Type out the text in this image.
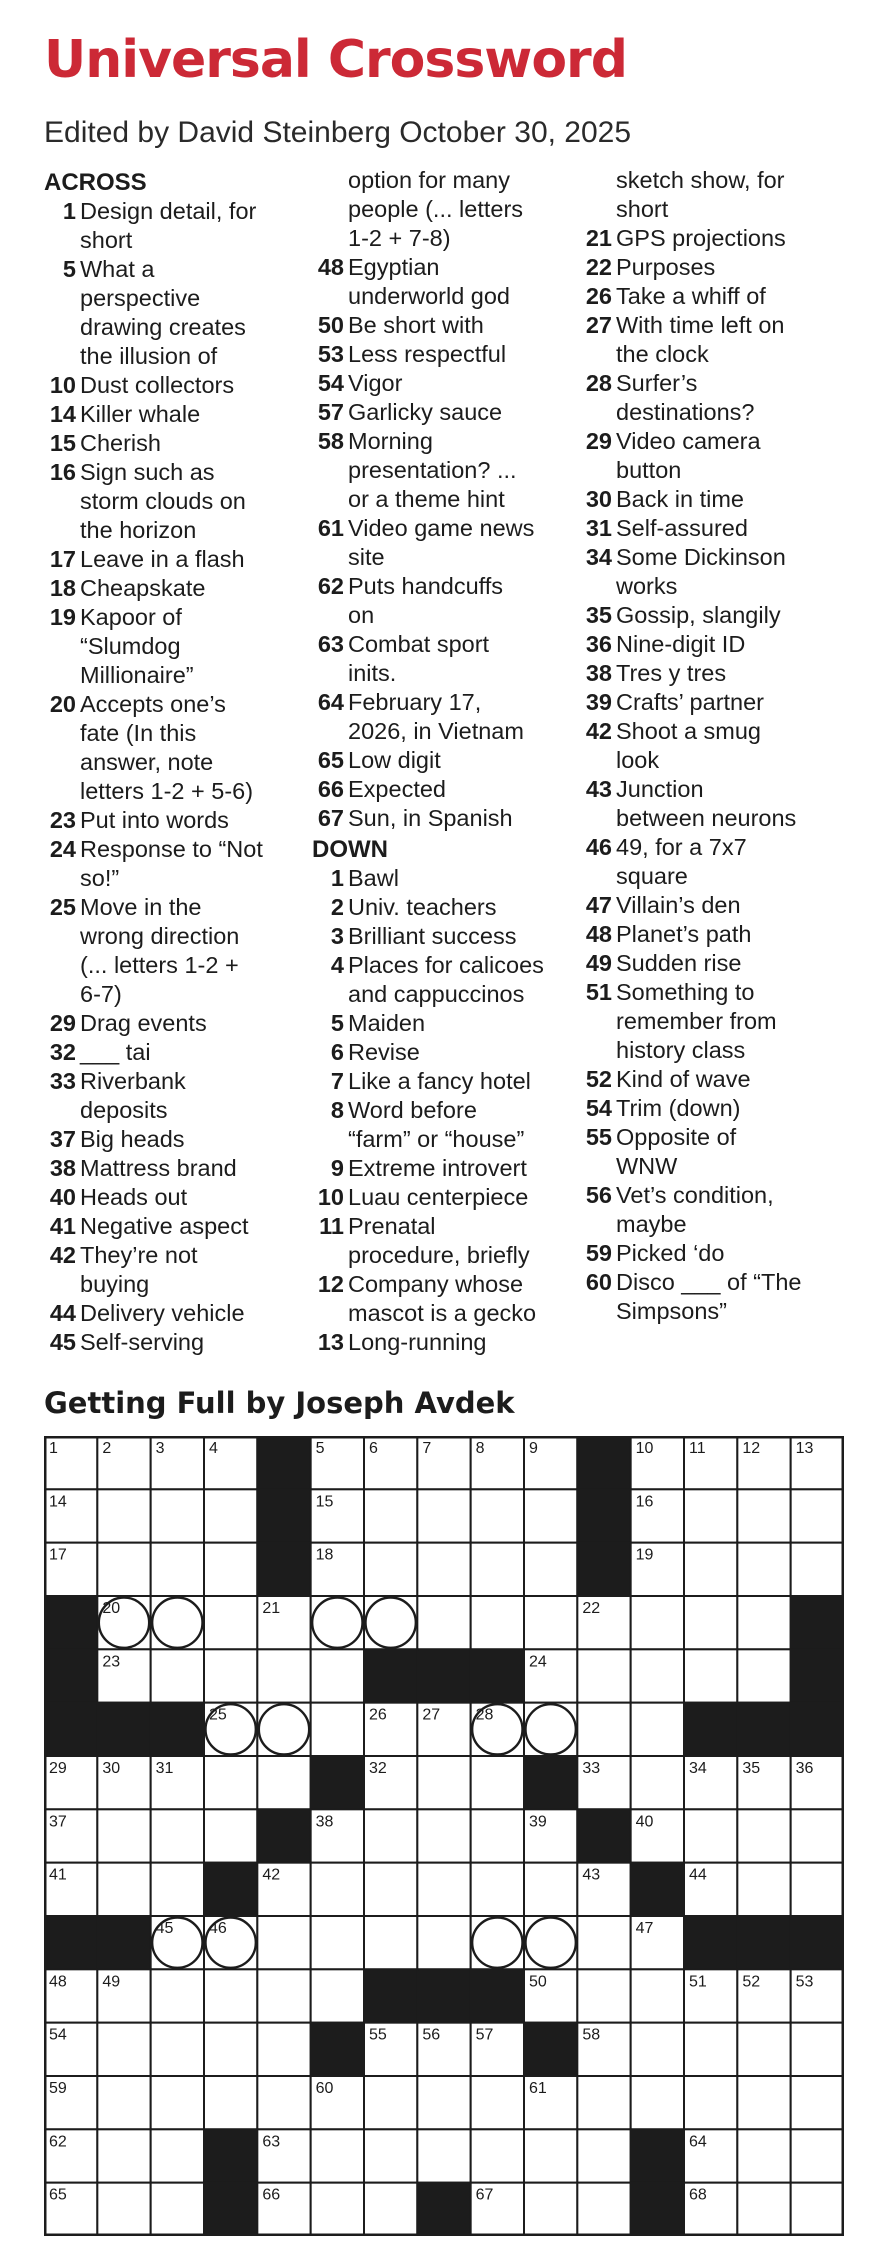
Universal Crossword
Edited by David Steinberg October 30, 2025
ACROSS
1 Design detail, for
short
5 What a
perspective
drawing creates
the illusion of
10 Dust collectors
14 Killer whale
15 Cherish
16 Sign such as
storm clouds on
the horizon
17 Leave in a flash
18 Cheapskate
19 Kapoor of
“Slumdog
Millionaire”
20 Accepts one’s
fate (In this
answer, note
letters 1-2 + 5-6)
23 Put into words
24 Response to “Not
so!”
25 Move in the
wrong direction
(... letters 1-2 +
6-7)
29 Drag events
32 ___ tai
33 Riverbank
deposits
37 Big heads
38 Mattress brand
40 Heads out
41 Negative aspect
42 They’re not
buying
44 Delivery vehicle
45 Self-serving
option for many
people (... letters
1-2 + 7-8)
48 Egyptian
underworld god
50 Be short with
53 Less respectful
54 Vigor
57 Garlicky sauce
58 Morning
presentation? ...
or a theme hint
61 Video game news
site
62 Puts handcuffs
on
63 Combat sport
inits.
64 February 17,
2026, in Vietnam
65 Low digit
66 Expected
67 Sun, in Spanish
DOWN
1 Bawl
2 Univ. teachers
3 Brilliant success
4 Places for calicoes
and cappuccinos
5 Maiden
6 Revise
7 Like a fancy hotel
8 Word before
“farm” or “house”
9 Extreme introvert
10 Luau centerpiece
11 Prenatal
procedure, briefly
12 Company whose
mascot is a gecko
13 Long-running
sketch show, for
short
21 GPS projections
22 Purposes
26 Take a whiff of
27 With time left on
the clock
28 Surfer’s
destinations?
29 Video camera
button
30 Back in time
31 Self-assured
34 Some Dickinson
works
35 Gossip, slangily
36 Nine-digit ID
38 Tres y tres
39 Crafts’ partner
42 Shoot a smug
look
43 Junction
between neurons
46 49, for a 7x7
square
47 Villain’s den
48 Planet’s path
49 Sudden rise
51 Something to
remember from
history class
52 Kind of wave
54 Trim (down)
55 Opposite of
WNW
56 Vet’s condition,
maybe
59 Picked ‘do
60 Disco ___ of “The
Simpsons”
Getting Full by Joseph Avdek
1	2	3	4	5	6	7	8	9	10 11 12 13
14	15	16
17	18	19
20	21	22
23	24
25	26 27 28
29 30 31	32	33	34 35 36
37	38	39	40
41	42	43	44
45 46	47
48 49	50	51 52 53
54	55 56 57	58
59	60	61
62	63	64
65	66	67	68
